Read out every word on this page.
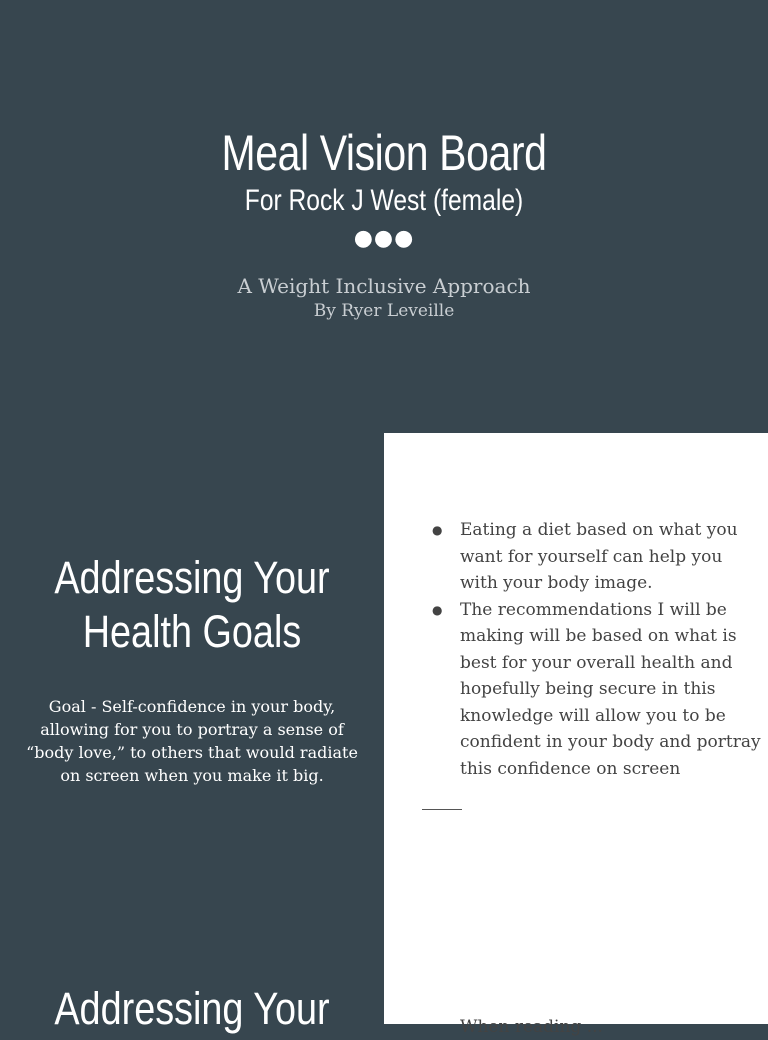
Meal Vision Board
For Rock J West (female)
●●●
A Weight Inclusive Approach
By Ryer Leveille
Addressing Your Health Goals

Goal - Self-confidence in your body, allowing for you to portray a sense of “body love,” to others that would radiate on screen when you make it big.

● Eating a diet based on what you want for yourself can help you with your body image.
● The recommendations I will be making will be based on what is best for your overall health and hopefully being secure in this knowledge will allow you to be confident in your body and portray this confidence on screen
When reading ...
Addressing Your
